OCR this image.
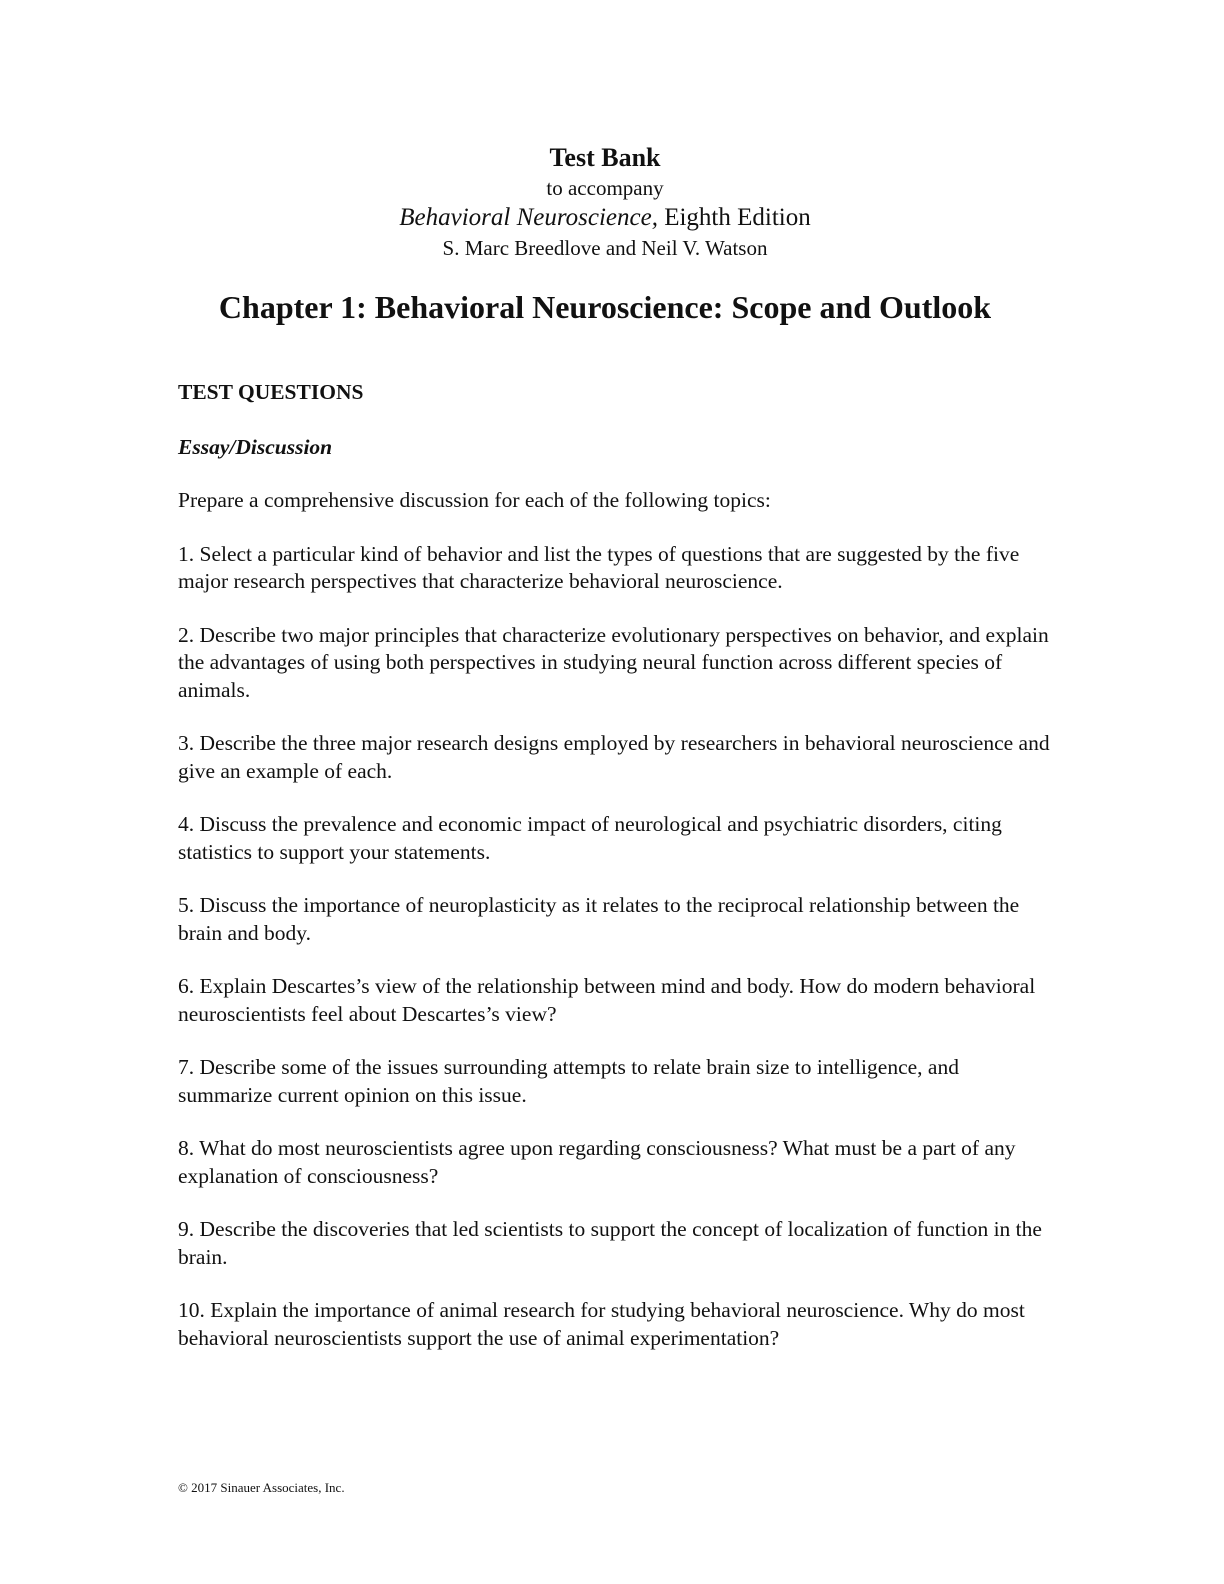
Test Bank
to accompany
Behavioral Neuroscience, Eighth Edition
S. Marc Breedlove and Neil V. Watson
Chapter 1: Behavioral Neuroscience: Scope and Outlook
TEST QUESTIONS
Essay/Discussion
Prepare a comprehensive discussion for each of the following topics:
1. Select a particular kind of behavior and list the types of questions that are suggested by the five major research perspectives that characterize behavioral neuroscience.
2. Describe two major principles that characterize evolutionary perspectives on behavior, and explain the advantages of using both perspectives in studying neural function across different species of animals.
3. Describe the three major research designs employed by researchers in behavioral neuroscience and give an example of each.
4. Discuss the prevalence and economic impact of neurological and psychiatric disorders, citing statistics to support your statements.
5. Discuss the importance of neuroplasticity as it relates to the reciprocal relationship between the brain and body.
6. Explain Descartes’s view of the relationship between mind and body. How do modern behavioral neuroscientists feel about Descartes’s view?
7. Describe some of the issues surrounding attempts to relate brain size to intelligence, and summarize current opinion on this issue.
8. What do most neuroscientists agree upon regarding consciousness? What must be a part of any explanation of consciousness?
9. Describe the discoveries that led scientists to support the concept of localization of function in the brain.
10. Explain the importance of animal research for studying behavioral neuroscience. Why do most behavioral neuroscientists support the use of animal experimentation?
© 2017 Sinauer Associates, Inc.
